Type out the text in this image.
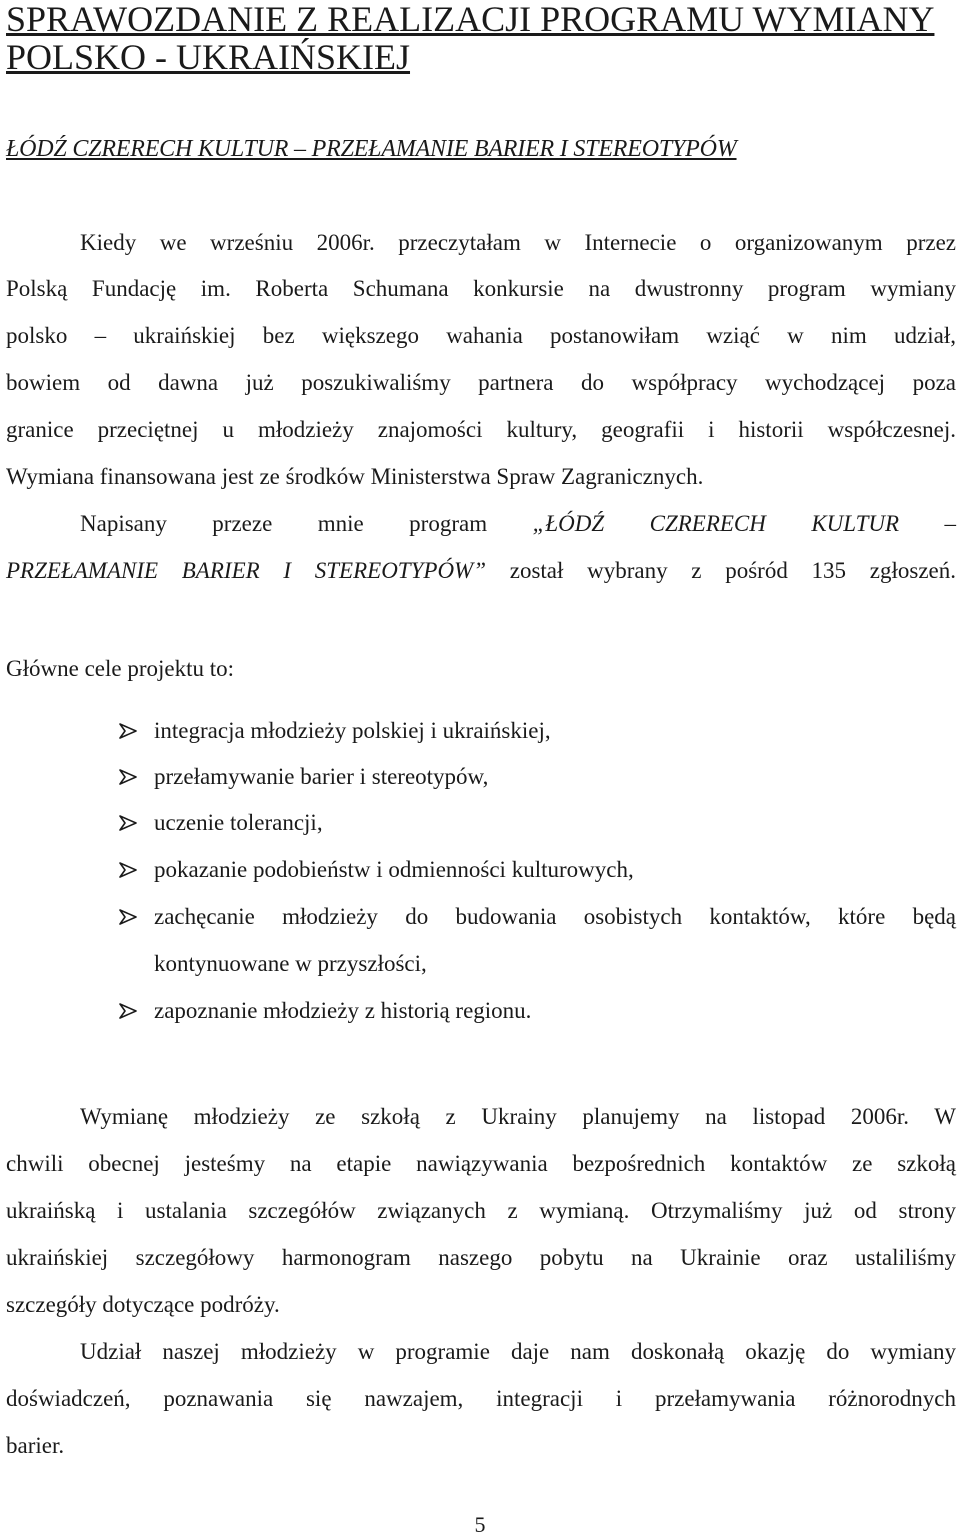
SPRAWOZDANIE Z REALIZACJI PROGRAMU WYMIANY
POLSKO - UKRAIŃSKIEJ
ŁÓDŹ CZRERECH KULTUR – PRZEŁAMANIE BARIER I STEREOTYPÓW
Kiedy we wrześniu 2006r. przeczytałam w Internecie o organizowanym przez
Polską Fundację im. Roberta Schumana konkursie na dwustronny program wymiany
polsko – ukraińskiej bez większego wahania postanowiłam wziąć w nim udział,
bowiem od dawna już poszukiwaliśmy partnera do współpracy wychodzącej poza
granice przeciętnej u młodzieży znajomości kultury, geografii i historii współczesnej.
Wymiana finansowana jest ze środków Ministerstwa Spraw Zagranicznych.
Napisany przeze mnie program „ŁÓDŹ CZRERECH KULTUR –
PRZEŁAMANIE BARIER I STEREOTYPÓW” został wybrany z pośród 135 zgłoszeń.
Główne cele projektu to:
integracja młodzieży polskiej i ukraińskiej,
przełamywanie barier i stereotypów,
uczenie tolerancji,
pokazanie podobieństw i odmienności kulturowych,
zachęcanie młodzieży do budowania osobistych kontaktów, które będą
kontynuowane w przyszłości,
zapoznanie młodzieży z historią regionu.
Wymianę młodzieży ze szkołą z Ukrainy planujemy na listopad 2006r. W
chwili obecnej jesteśmy na etapie nawiązywania bezpośrednich kontaktów ze szkołą
ukraińską i ustalania szczegółów związanych z wymianą. Otrzymaliśmy już od strony
ukraińskiej szczegółowy harmonogram naszego pobytu na Ukrainie oraz ustaliliśmy
szczegóły dotyczące podróży.
Udział naszej młodzieży w programie daje nam doskonałą okazję do wymiany
doświadczeń, poznawania się nawzajem, integracji i przełamywania różnorodnych
barier.
5
